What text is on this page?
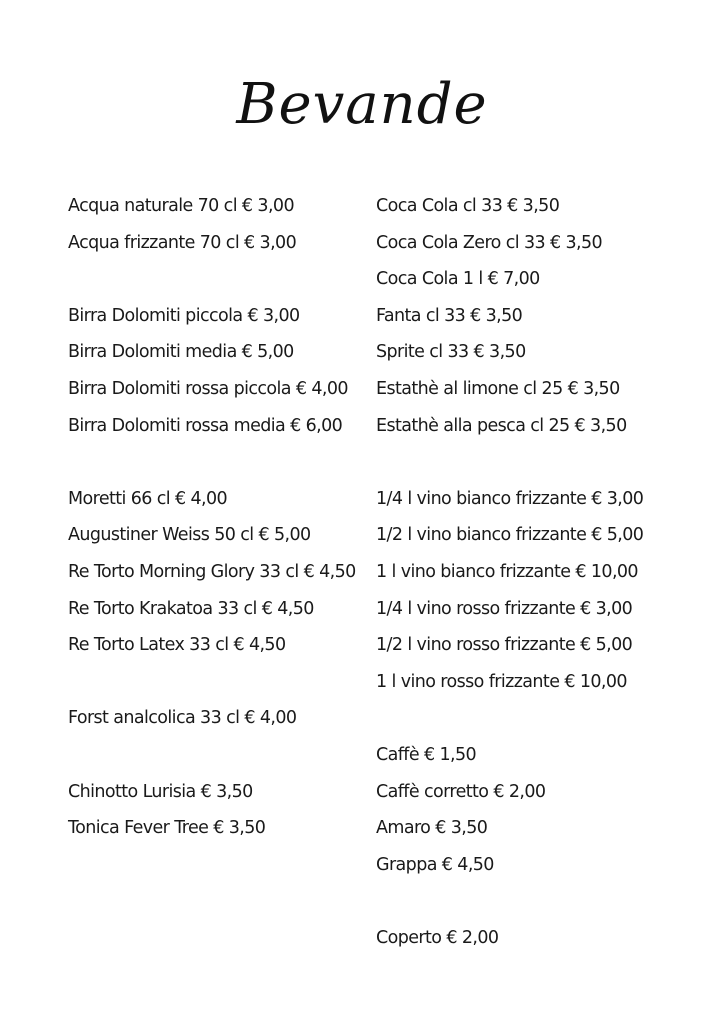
Bevande
Acqua naturale 70 cl € 3,00
Acqua frizzante 70 cl € 3,00
Birra Dolomiti piccola € 3,00
Birra Dolomiti media € 5,00
Birra Dolomiti rossa piccola € 4,00
Birra Dolomiti rossa media € 6,00
Moretti 66 cl € 4,00
Augustiner Weiss 50 cl € 5,00
Re Torto Morning Glory 33 cl € 4,50
Re Torto Krakatoa 33 cl € 4,50
Re Torto Latex 33 cl € 4,50
Forst analcolica 33 cl € 4,00
Chinotto Lurisia € 3,50
Tonica Fever Tree € 3,50
Coca Cola cl 33 € 3,50
Coca Cola Zero cl 33 € 3,50
Coca Cola 1 l € 7,00
Fanta cl 33 € 3,50
Sprite cl 33 € 3,50
Estathè al limone cl 25 € 3,50
Estathè alla pesca cl 25 € 3,50
1/4 l vino bianco frizzante € 3,00
1/2 l vino bianco frizzante € 5,00
1 l vino bianco frizzante € 10,00
1/4 l vino rosso frizzante € 3,00
1/2 l vino rosso frizzante € 5,00
1 l vino rosso frizzante € 10,00
Caffè € 1,50
Caffè corretto € 2,00
Amaro € 3,50
Grappa € 4,50
Coperto € 2,00
